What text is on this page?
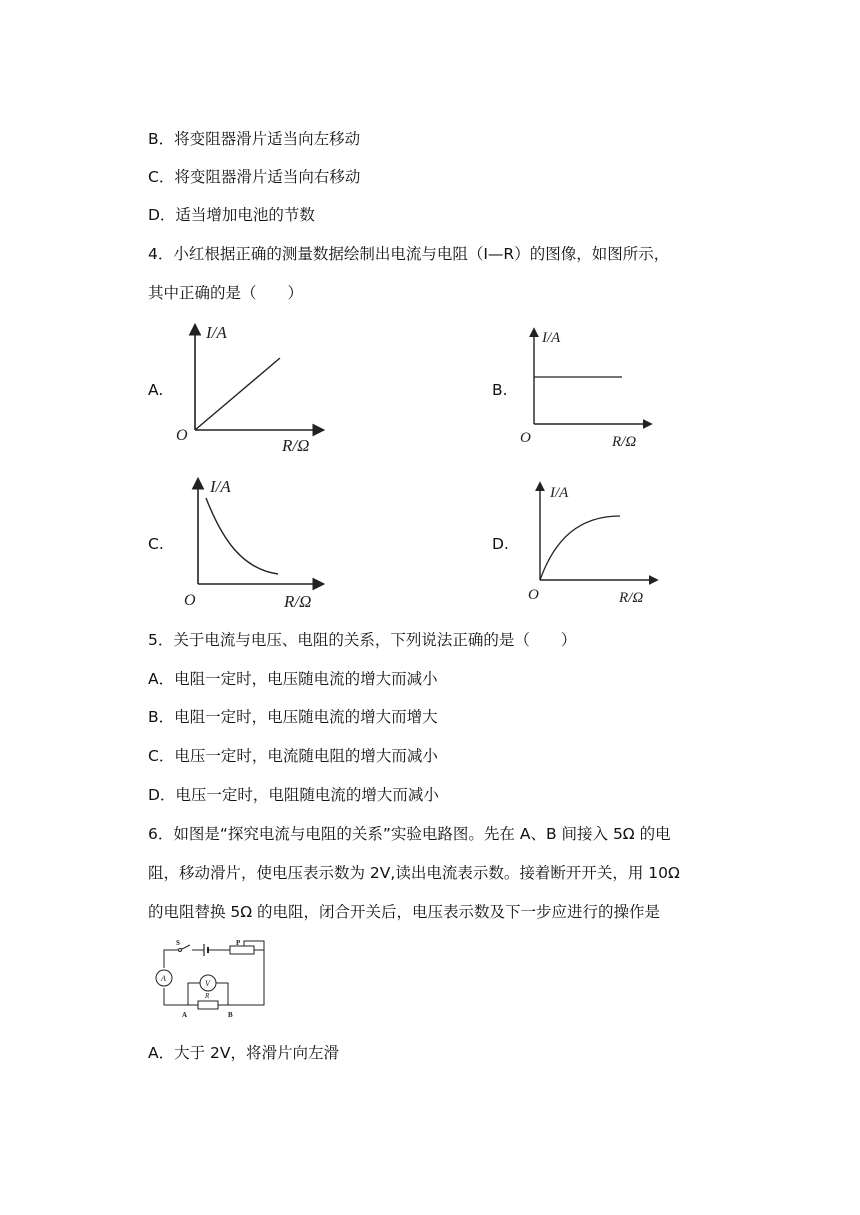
B．将变阻器滑片适当向左移动
C．将变阻器滑片适当向右移动
D．适当增加电池的节数
4．小红根据正确的测量数据绘制出电流与电阻（I—R）的图像，如图所示，
其中正确的是（　　）
A.	B.
C.	D.
I/A
R/Ω
O
I/A
R/Ω
O
I/A
R/Ω
O
I/A
R/Ω
O
5．关于电流与电压、电阻的关系，下列说法正确的是（　　）
A．电阻一定时，电压随电流的增大而减小
B．电阻一定时，电压随电流的增大而增大
C．电压一定时，电流随电阻的增大而减小
D．电压一定时，电阻随电流的增大而减小
6．如图是“探究电流与电阻的关系”实验电路图。先在 A、B 间接入 5Ω 的电
阻，移动滑片，使电压表示数为 2V,读出电流表示数。接着断开开关，用 10Ω
的电阻替换 5Ω 的电阻，闭合开关后，电压表示数及下一步应进行的操作是
S	P
A
V
R
A	B
A．大于 2V，将滑片向左滑
